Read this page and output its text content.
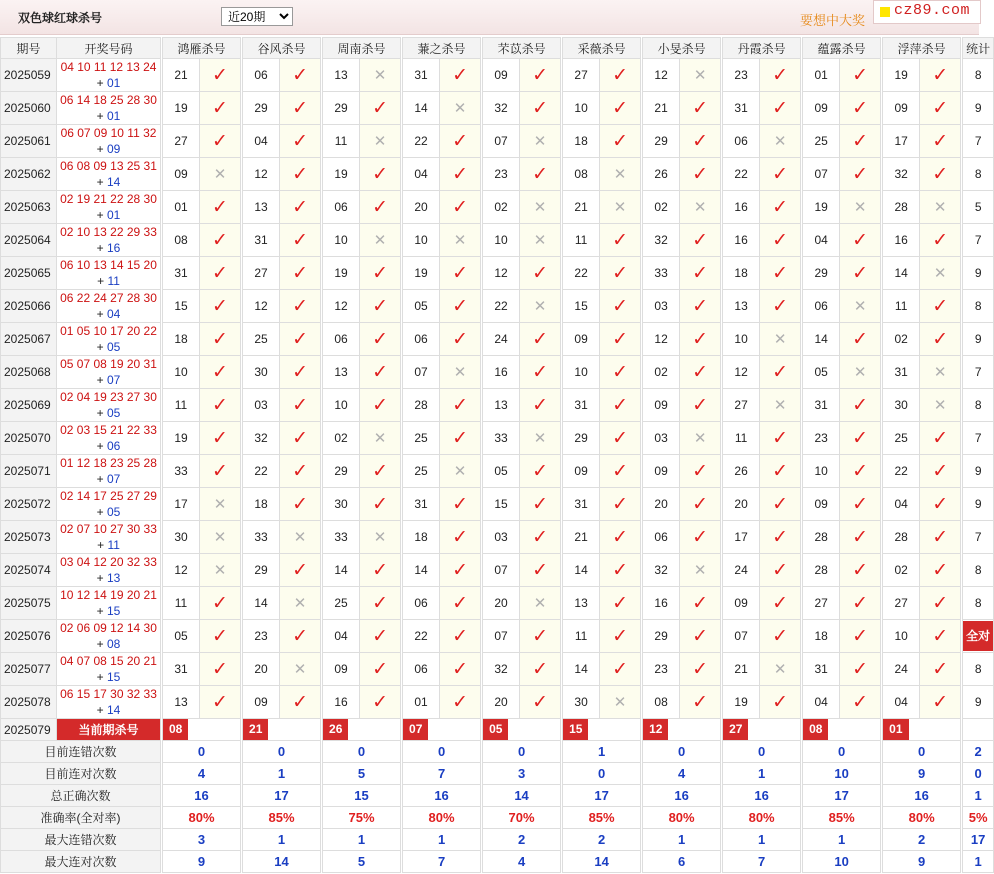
双色球红球杀号
近20期	要想中大奖
cz89.com
期号	开奖号码		鸿雁杀号			谷风杀号			周南杀号			蒹之杀号			芣苡杀号			采薇杀号			小旻杀号			丹霞杀号			蕴露杀号			浮萍杀号			统计
2025059	04 10 11 12 13 24 + 01		21	✓		06	✓		13	✕		31	✓		09	✓		27	✓		12	✕		23	✓		01	✓		19	✓		8
2025060	06 14 18 25 28 30 + 01		19	✓		29	✓		29	✓		14	✕		32	✓		10	✓		21	✓		31	✓		09	✓		09	✓		9
2025061	06 07 09 10 11 32 + 09		27	✓		04	✓		11	✕		22	✓		07	✕		18	✓		29	✓		06	✕		25	✓		17	✓		7
2025062	06 08 09 13 25 31 + 14		09	✕		12	✓		19	✓		04	✓		23	✓		08	✕		26	✓		22	✓		07	✓		32	✓		8
2025063	02 19 21 22 28 30 + 01		01	✓		13	✓		06	✓		20	✓		02	✕		21	✕		02	✕		16	✓		19	✕		28	✕		5
2025064	02 10 13 22 29 33 + 16		08	✓		31	✓		10	✕		10	✕		10	✕		11	✓		32	✓		16	✓		04	✓		16	✓		7
2025065	06 10 13 14 15 20 + 11		31	✓		27	✓		19	✓		19	✓		12	✓		22	✓		33	✓		18	✓		29	✓		14	✕		9
2025066	06 22 24 27 28 30 + 04		15	✓		12	✓		12	✓		05	✓		22	✕		15	✓		03	✓		13	✓		06	✕		11	✓		8
2025067	01 05 10 17 20 22 + 05		18	✓		25	✓		06	✓		06	✓		24	✓		09	✓		12	✓		10	✕		14	✓		02	✓		9
2025068	05 07 08 19 20 31 + 07		10	✓		30	✓		13	✓		07	✕		16	✓		10	✓		02	✓		12	✓		05	✕		31	✕		7
2025069	02 04 19 23 27 30 + 05		11	✓		03	✓		10	✓		28	✓		13	✓		31	✓		09	✓		27	✕		31	✓		30	✕		8
2025070	02 03 15 21 22 33 + 06		19	✓		32	✓		02	✕		25	✓		33	✕		29	✓		03	✕		11	✓		23	✓		25	✓		7
2025071	01 12 18 23 25 28 + 07		33	✓		22	✓		29	✓		25	✕		05	✓		09	✓		09	✓		26	✓		10	✓		22	✓		9
2025072	02 14 17 25 27 29 + 05		17	✕		18	✓		30	✓		31	✓		15	✓		31	✓		20	✓		20	✓		09	✓		04	✓		9
2025073	02 07 10 27 30 33 + 11		30	✕		33	✕		33	✕		18	✓		03	✓		21	✓		06	✓		17	✓		28	✓		28	✓		7
2025074	03 04 12 20 32 33 + 13		12	✕		29	✓		14	✓		14	✓		07	✓		14	✓		32	✕		24	✓		28	✓		02	✓		8
2025075	10 12 14 19 20 21 + 15		11	✓		14	✕		25	✓		06	✓		20	✕		13	✓		16	✓		09	✓		27	✓		27	✓		8
2025076	02 06 09 12 14 30 + 08		05	✓		23	✓		04	✓		22	✓		07	✓		11	✓		29	✓		07	✓		18	✓		10	✓		全对
2025077	04 07 08 15 20 21 + 15		31	✓		20	✕		09	✓		06	✓		32	✓		14	✓		23	✓		21	✕		31	✓		24	✓		8
2025078	06 15 17 30 32 33 + 14		13	✓		09	✓		16	✓		01	✓		20	✓		30	✕		08	✓		19	✓		04	✓		04	✓		9
2025079	当前期杀号		08			21			26			07			05			15			12			27			08			01			
目前连错次数			0			0			0			0			0			1			0			0			0			0			2
目前连对次数			4			1			5			7			3			0			4			1			10			9			0
总正确次数			16			17			15			16			14			17			16			16			17			16			1
准确率(全对率)			80%			85%			75%			80%			70%			85%			80%			80%			85%			80%			5%
最大连错次数			3			1			1			1			2			2			1			1			1			2			17
最大连对次数			9			14			5			7			4			14			6			7			10			9			1
